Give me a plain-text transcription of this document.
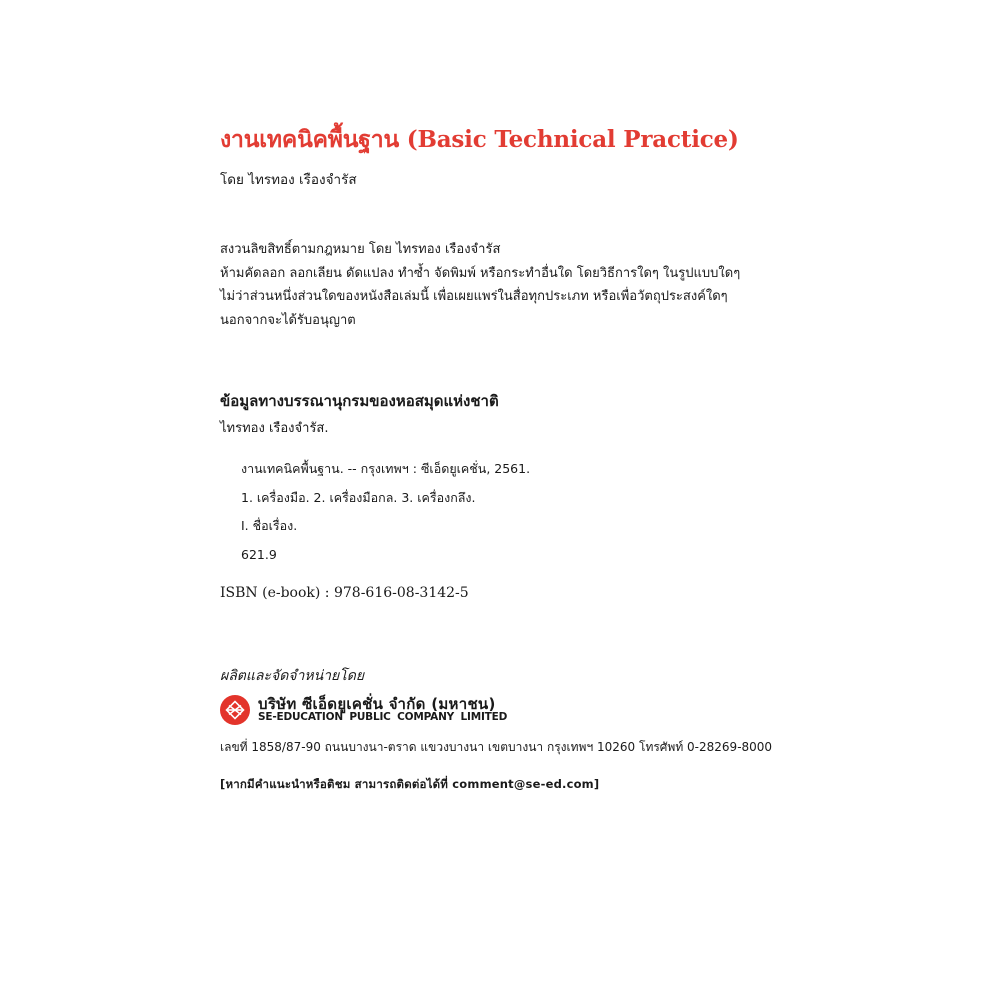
งานเทคนิคพื้นฐาน (Basic Technical Practice)
โดย ไทรทอง เรืองจำรัส
สงวนลิขสิทธิ์ตามกฎหมาย โดย ไทรทอง เรืองจำรัส
ห้ามคัดลอก ลอกเลียน ดัดแปลง ทำซ้ำ จัดพิมพ์ หรือกระทำอื่นใด โดยวิธีการใดๆ ในรูปแบบใดๆ
ไม่ว่าส่วนหนึ่งส่วนใดของหนังสือเล่มนี้ เพื่อเผยแพร่ในสื่อทุกประเภท หรือเพื่อวัตถุประสงค์ใดๆ
นอกจากจะได้รับอนุญาต
ข้อมูลทางบรรณานุกรมของหอสมุดแห่งชาติ
ไทรทอง เรืองจำรัส.
งานเทคนิคพื้นฐาน. -- กรุงเทพฯ : ซีเอ็ดยูเคชั่น, 2561.
1. เครื่องมือ. 2. เครื่องมือกล. 3. เครื่องกลึง.
I. ชื่อเรื่อง.
621.9
ISBN (e-book) : 978-616-08-3142-5
ผลิตและจัดจำหน่ายโดย
บริษัท ซีเอ็ดยูเคชั่น จำกัด (มหาชน)
SE-EDUCATION PUBLIC COMPANY LIMITED
เลขที่ 1858/87-90 ถนนบางนา-ตราด แขวงบางนา เขตบางนา กรุงเทพฯ 10260 โทรศัพท์ 0-28269-8000
[หากมีคำแนะนำหรือติชม สามารถติดต่อได้ที่ comment@se-ed.com]
